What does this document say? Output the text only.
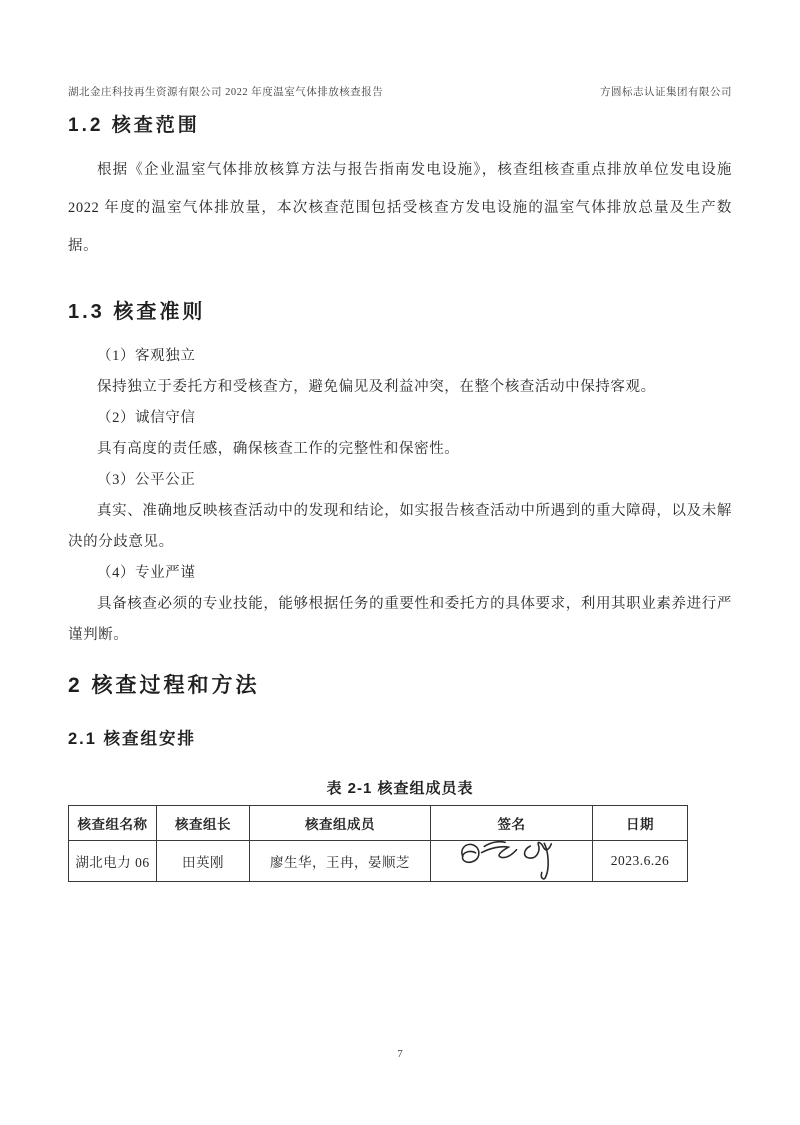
湖北金庄科技再生资源有限公司 2022 年度温室气体排放核查报告	方圆标志认证集团有限公司
1.2 核查范围

根据《企业温室气体排放核算方法与报告指南发电设施》，核查组核查重点排放单位发电设施 2022 年度的温室气体排放量，本次核查范围包括受核查方发电设施的温室气体排放总量及生产数据。

1.3 核查准则

（1）客观独立

保持独立于委托方和受核查方，避免偏见及利益冲突，在整个核查活动中保持客观。

（2）诚信守信

具有高度的责任感，确保核查工作的完整性和保密性。

（3）公平公正

真实、准确地反映核查活动中的发现和结论，如实报告核查活动中所遇到的重大障碍，以及未解决的分歧意见。

（4）专业严谨

具备核查必须的专业技能，能够根据任务的重要性和委托方的具体要求，利用其职业素养进行严谨判断。

2 核查过程和方法
2.1 核查组安排
表 2-1 核查组成员表
核查组名称	核查组长	核查组成员	签名	日期
湖北电力 06	田英刚	廖生华，王冉，晏顺芝		2023.6.26
7
